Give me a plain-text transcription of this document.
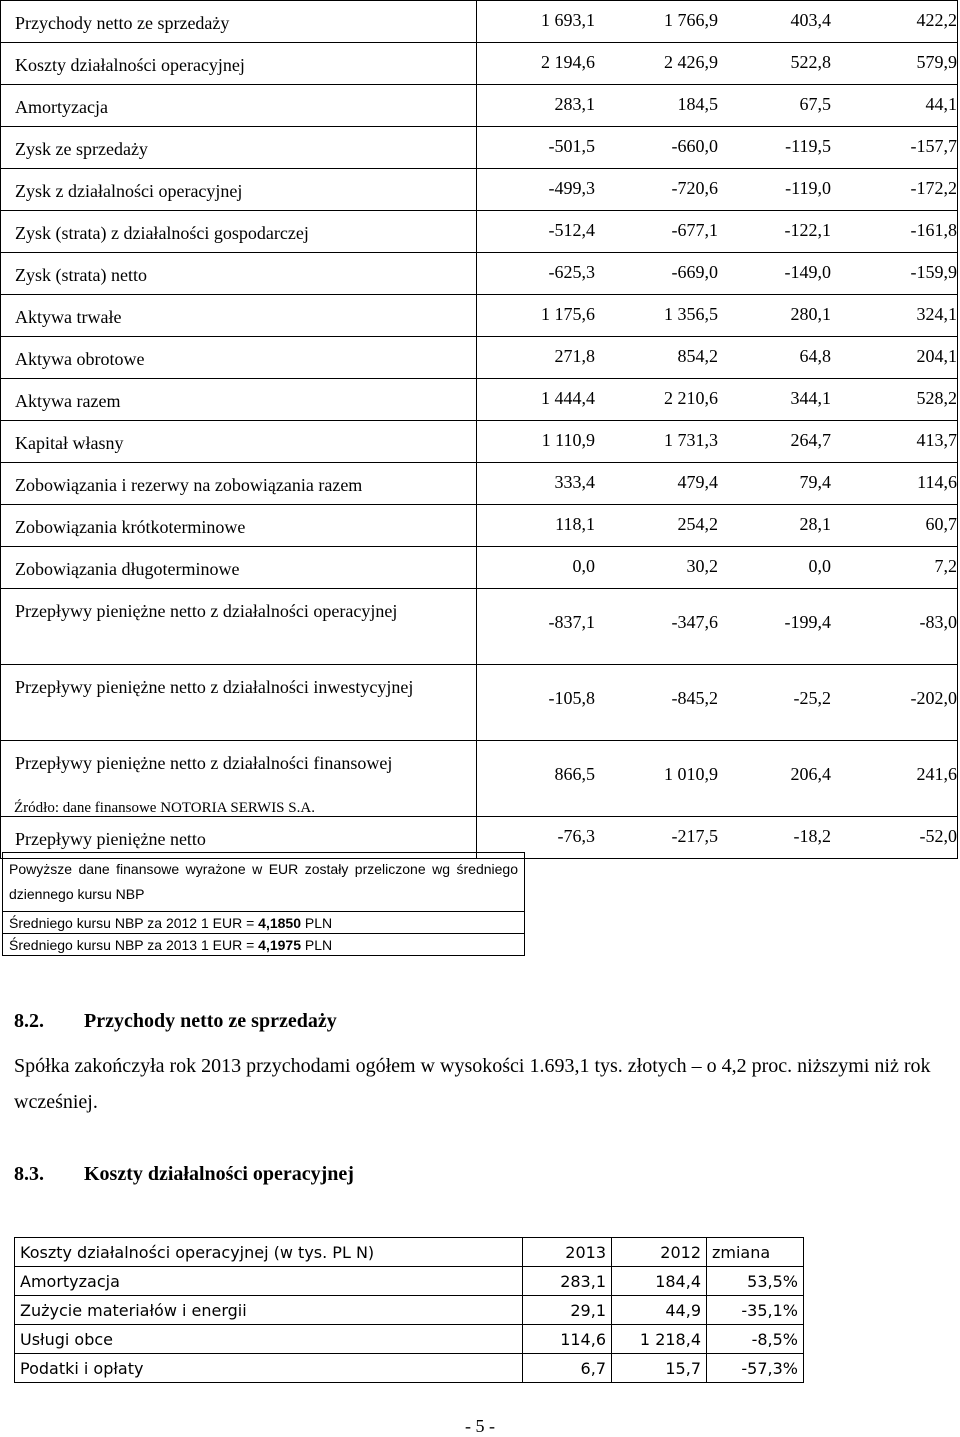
Przychody netto ze sprzedaży	1 693,1 1 766,9 403,4 422,2

Koszty działalności operacyjnej	2 194,6 2 426,9 522,8 579,9

Amortyzacja	283,1 184,5 67,5 44,1

Zysk ze sprzedaży	-501,5 -660,0 -119,5 -157,7

Zysk z działalności operacyjnej	-499,3 -720,6 -119,0 -172,2

Zysk (strata) z działalności gospodarczej	-512,4 -677,1 -122,1 -161,8

Zysk (strata) netto	-625,3 -669,0 -149,0 -159,9

Aktywa trwałe	1 175,6 1 356,5 280,1 324,1

Aktywa obrotowe	271,8 854,2 64,8 204,1

Aktywa razem	1 444,4 2 210,6 344,1 528,2

Kapitał własny	1 110,9 1 731,3 264,7 413,7

Zobowiązania i rezerwy na zobowiązania razem	333,4 479,4 79,4 114,6

Zobowiązania krótkoterminowe	118,1 254,2 28,1 60,7

Zobowiązania długoterminowe	0,0 30,2 0,0 7,2

Przepływy pieniężne netto z działalności operacyjnej	-837,1 -347,6 -199,4 -83,0

Przepływy pieniężne netto z działalności inwestycyjnej	-105,8 -845,2 -25,2 -202,0

Przepływy pieniężne netto z działalności finansowej	866,5 1 010,9 206,4 241,6

Przepływy pieniężne netto	-76,3 -217,5 -18,2 -52,0
Źródło: dane finansowe NOTORIA SERWIS S.A.
Powyższe dane finansowe wyrażone w EUR zostały przeliczone wg średniego dziennego kursu NBP
Średniego kursu NBP za 2012 1 EUR = 4,1850 PLN
Średniego kursu NBP za 2013 1 EUR = 4,1975 PLN
8.2. Przychody netto ze sprzedaży
Spółka zakończyła rok 2013 przychodami ogółem w wysokości 1.693,1 tys. złotych – o 4,2 proc. niższymi niż rok wcześniej.
8.3. Koszty działalności operacyjnej
Koszty działalności operacyjnej (w tys. PL N)	2013	2012	zmiana
Amortyzacja	283,1	184,4	53,5%
Zużycie materiałów i energii	29,1	44,9	-35,1%
Usługi obce	114,6	1 218,4	-8,5%
Podatki i opłaty	6,7	15,7	-57,3%
- 5 -
